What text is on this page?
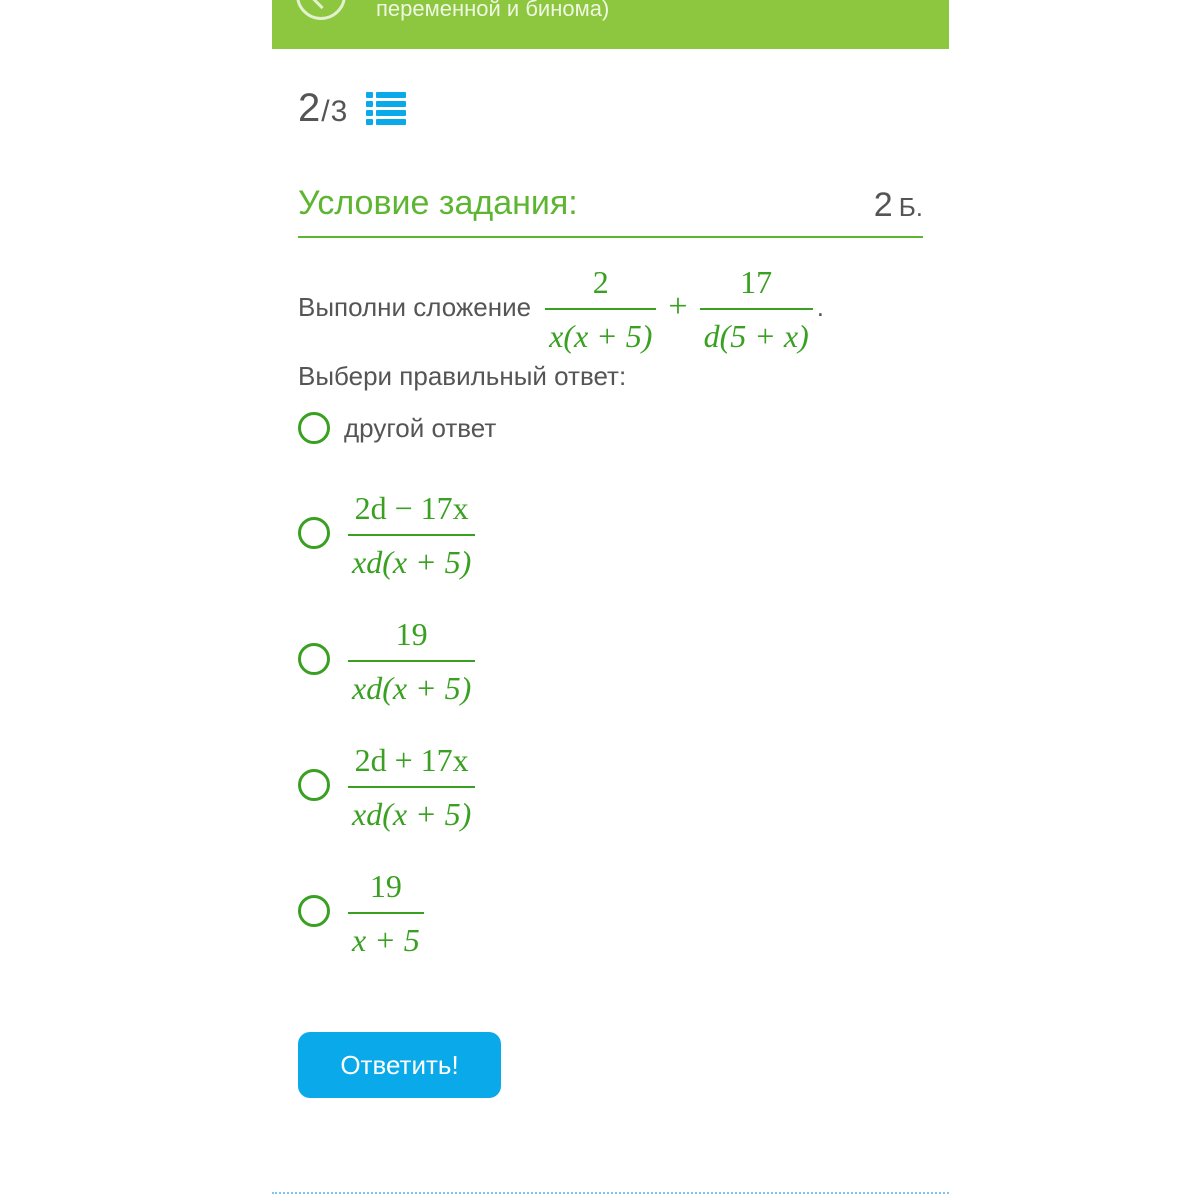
переменной и бинома)
2 / 3
Условие задания:	2 Б.
Выполни сложение $\frac{2}{x(x + 5)} + \frac{17}{d(5 + x)}$ .
Выбери правильный ответ:
другой ответ
$\frac{2d - 17x}{xd(x + 5)}$
$\frac{19}{xd(x + 5)}$
$\frac{2d + 17x}{xd(x + 5)}$
$\frac{19}{x + 5}$
Ответить!
